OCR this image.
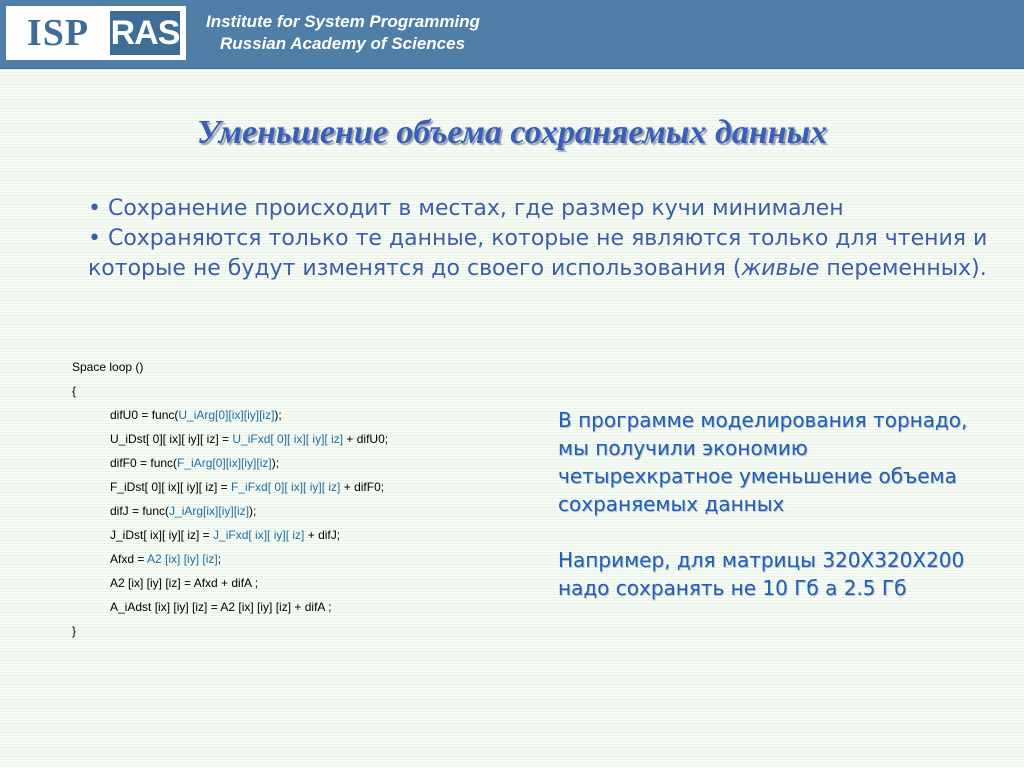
ISP RAS Institute for System Programming
Russian Academy of Sciences
Уменьшение объема сохраняемых данных

• Сохранение происходит в местах, где размер кучи минимален

• Сохраняются только те данные, которые не являются только для чтения и которые не будут изменятся до своего использования (живые переменных).

Space loop ()
{
difU0 = func(U_iArg[0][ix][iy][iz]);
U_iDst[ 0][ ix][ iy][ iz] = U_iFxd[ 0][ ix][ iy][ iz] + difU0;
difF0 = func(F_iArg[0][ix][iy][iz]);
F_iDst[ 0][ ix][ iy][ iz] = F_iFxd[ 0][ ix][ iy][ iz] + difF0;
difJ = func(J_iArg[ix][iy][iz]);
J_iDst[ ix][ iy][ iz] = J_iFxd[ ix][ iy][ iz] + difJ;
Afxd = A2 [ix] [iy] [iz];
A2 [ix] [iy] [iz] = Afxd + difA ;
A_iAdst [ix] [iy] [iz] = A2 [ix] [iy] [iz] + difA ;
}

В программе моделирования торнадо, мы получили экономию четырехкратное уменьшение объема сохраняемых данных

Например, для матрицы 320X320X200 надо сохранять не 10 Гб а 2.5 Гб
